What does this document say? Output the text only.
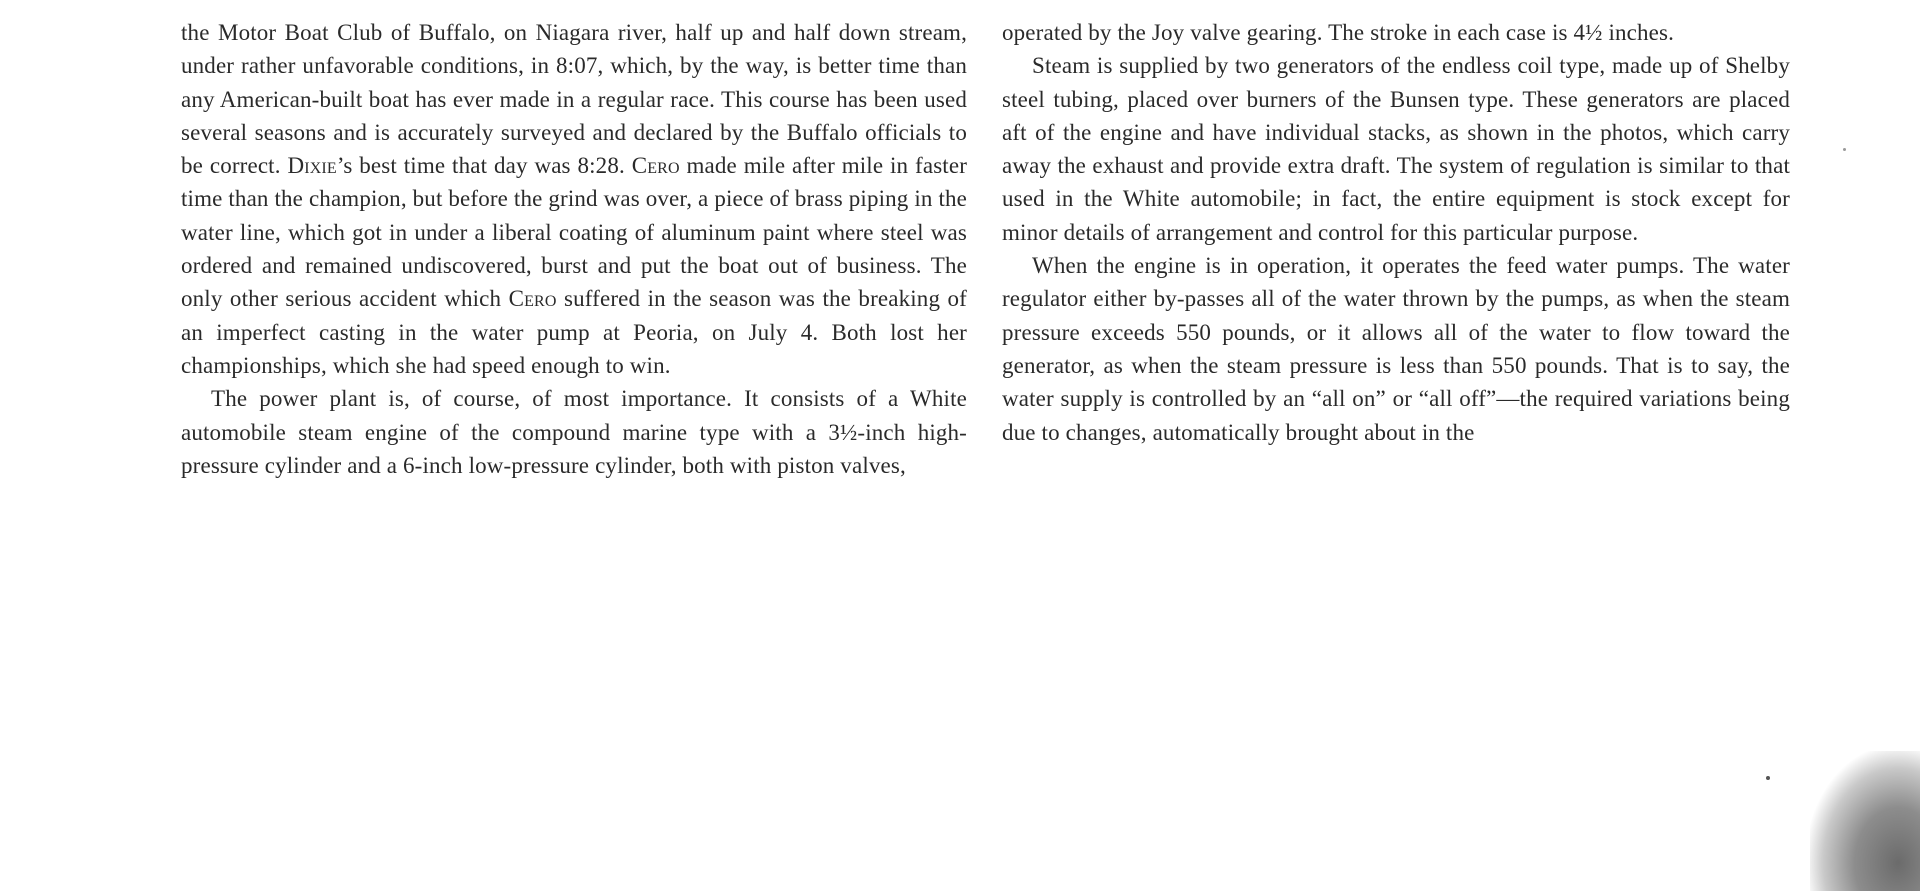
the Motor Boat Club of Buffalo, on Niagara river, half up and half down stream, under rather unfavorable conditions, in 8:07, which, by the way, is better time than any American-built boat has ever made in a regular race. This course has been used several seasons and is accurately surveyed and declared by the Buffalo officials to be correct. Dixie’s best time that day was 8:28. Cero made mile after mile in faster time than the champion, but before the grind was over, a piece of brass piping in the water line, which got in under a liberal coating of aluminum paint where steel was ordered and remained undiscovered, burst and put the boat out of business. The only other serious accident which Cero suffered in the season was the breaking of an imperfect casting in the water pump at Peoria, on July 4. Both lost her championships, which she had speed enough to win.

The power plant is, of course, of most importance. It consists of a White automobile steam engine of the compound marine type with a 3½-inch high-pressure cylinder and a 6-inch low-pressure cylinder, both with piston valves,

operated by the Joy valve gearing. The stroke in each case is 4½ inches.

Steam is supplied by two generators of the endless coil type, made up of Shelby steel tubing, placed over burners of the Bunsen type. These generators are placed aft of the engine and have individual stacks, as shown in the photos, which carry away the exhaust and provide extra draft. The system of regulation is similar to that used in the White automobile; in fact, the entire equipment is stock except for minor details of arrangement and control for this particular purpose.

When the engine is in operation, it operates the feed water pumps. The water regulator either by-passes all of the water thrown by the pumps, as when the steam pressure exceeds 550 pounds, or it allows all of the water to flow toward the generator, as when the steam pressure is less than 550 pounds. That is to say, the water supply is controlled by an “all on” or “all off”—the required variations being due to changes, automatically brought about in the
